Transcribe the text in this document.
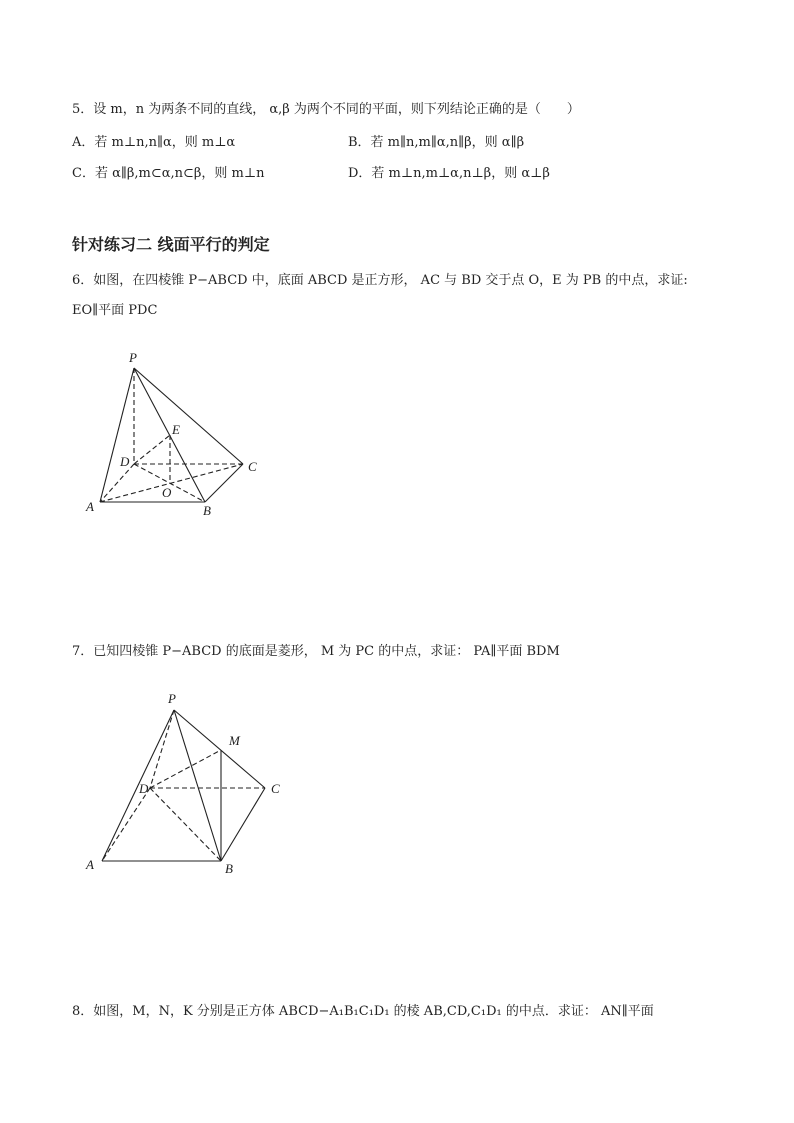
5．设 m，n 为两条不同的直线， α,β 为两个不同的平面，则下列结论正确的是（　　）
A．若 m⊥n,n∥α，则 m⊥α	B．若 m∥n,m∥α,n∥β，则 α∥β
C．若 α∥β,m⊂α,n⊂β，则 m⊥n	D．若 m⊥n,m⊥α,n⊥β，则 α⊥β
针对练习二 线面平行的判定
6．如图，在四棱锥 P−ABCD 中，底面 ABCD 是正方形， AC 与 BD 交于点 O，E 为 PB 的中点，求证:
EO∥平面 PDC
P
E
D	C
O
A	B
7．已知四棱锥 P−ABCD 的底面是菱形， M 为 PC 的中点，求证： PA∥平面 BDM
P
M
D	C
A	B
8．如图，M，N，K 分别是正方体 ABCD−A₁B₁C₁D₁ 的棱 AB,CD,C₁D₁ 的中点．求证： AN∥平面
